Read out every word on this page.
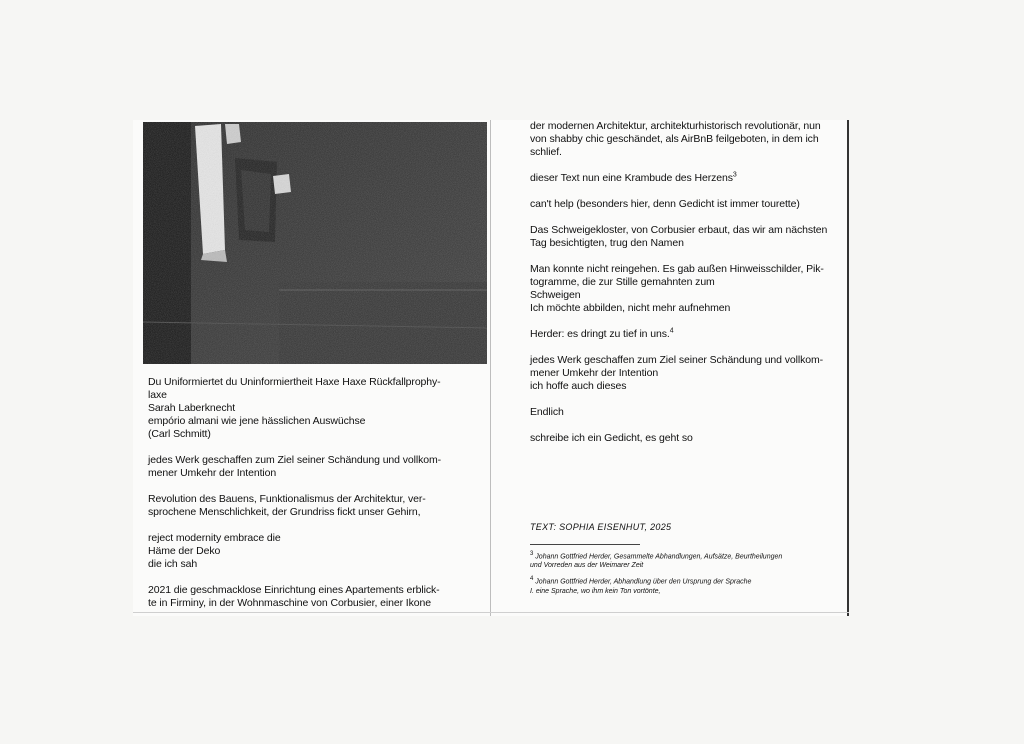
Du Uniformiertet du Uninformiertheit Haxe Haxe Rückfallprophy-
laxe
Sarah Laberknecht
empório almani wie jene hässlichen Auswüchse
(Carl Schmitt)

jedes Werk geschaffen zum Ziel seiner Schändung und vollkom-
mener Umkehr der Intention

Revolution des Bauens, Funktionalismus der Architektur, ver-
sprochene Menschlichkeit, der Grundriss fickt unser Gehirn,

reject modernity embrace die
Häme der Deko
die ich sah

2021 die geschmacklose Einrichtung eines Apartements erblick-
te in Firminy, in der Wohnmaschine von Corbusier, einer Ikone

der modernen Architektur, architekturhistorisch revolutionär, nun
von shabby chic geschändet, als AirBnB feilgeboten, in dem ich
schlief.

dieser Text nun eine Krambude des Herzens$^3$

can't help (besonders hier, denn Gedicht ist immer tourette)

Das Schweigekloster, von Corbusier erbaut, das wir am nächsten
Tag besichtigten, trug den Namen

Man konnte nicht reingehen. Es gab außen Hinweisschilder, Pik-
togramme, die zur Stille gemahnten zum
Schweigen
Ich möchte abbilden, nicht mehr aufnehmen

Herder: es dringt zu tief in uns.$^4$

jedes Werk geschaffen zum Ziel seiner Schändung und vollkom-
mener Umkehr der Intention
ich hoffe auch dieses

Endlich

schreibe ich ein Gedicht, es geht so

TEXT: SOPHIA EISENHUT, 2025
$^3$ Johann Gottfried Herder, Gesammelte Abhandlungen, Aufsätze, Beurtheilungen
und Vorreden aus der Weimarer Zeit
$^4$ Johann Gottfried Herder, Abhandlung über den Ursprung der Sprache
I. eine Sprache, wo ihm kein Ton vortönte,
